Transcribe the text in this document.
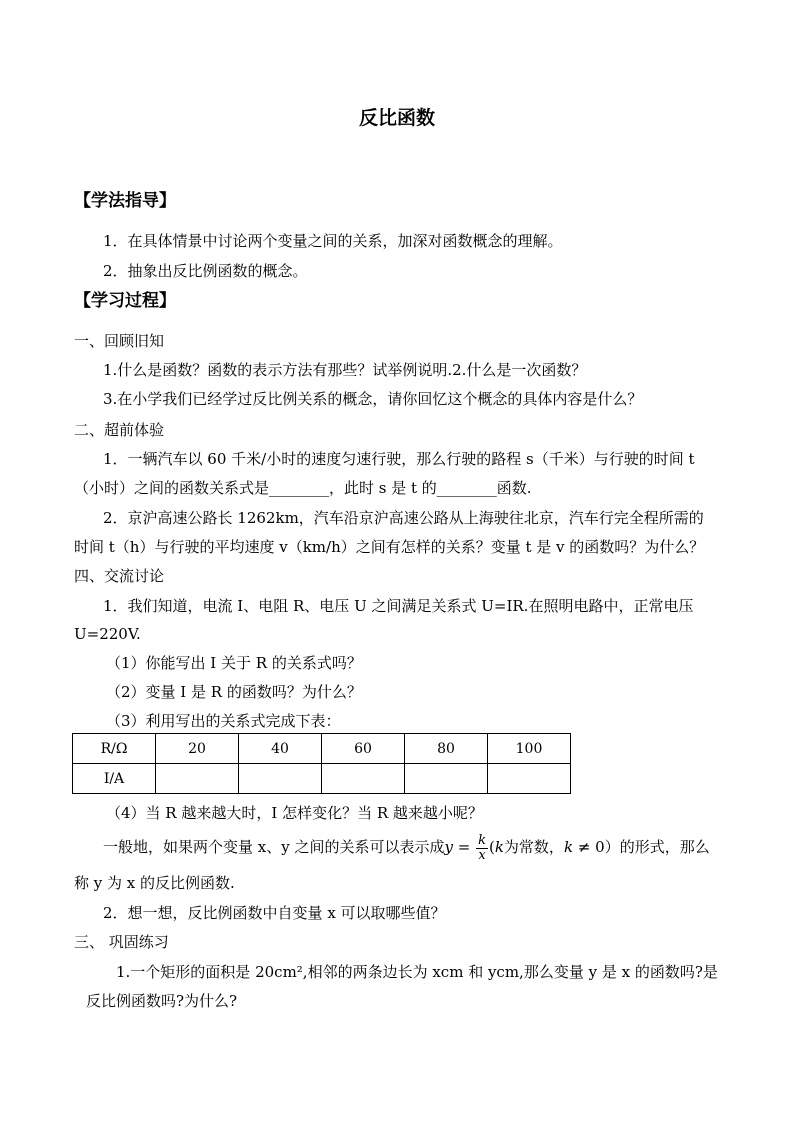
反比函数
【学法指导】
1．在具体情景中讨论两个变量之间的关系，加深对函数概念的理解。
2．抽象出反比例函数的概念。
【学习过程】
一、回顾旧知
1.什么是函数？函数的表示方法有那些？试举例说明.2.什么是一次函数？
3.在小学我们已经学过反比例关系的概念，请你回忆这个概念的具体内容是什么？
二、超前体验
1．一辆汽车以 60 千米/小时的速度匀速行驶，那么行驶的路程 s（千米）与行驶的时间 t
（小时）之间的函数关系式是________，此时 s 是 t 的________函数.
2．京沪高速公路长 1262km，汽车沿京沪高速公路从上海驶往北京，汽车行完全程所需的
时间 t（h）与行驶的平均速度 v（km/h）之间有怎样的关系？变量 t 是 v 的函数吗？为什么？
四、交流讨论
1．我们知道，电流 I、电阻 R、电压 U 之间满足关系式 U=IR.在照明电路中，正常电压
U=220V.
（1）你能写出 I 关于 R 的关系式吗？
（2）变量 I 是 R 的函数吗？为什么？
（3）利用写出的关系式完成下表：
R/Ω	20	40	60	80	100
I/A					
（4）当 R 越来越大时，I 怎样变化？当 R 越来越小呢？
一般地，如果两个变量 x、y 之间的关系可以表示成$y = \frac{k}{x} (k$为常数，k ≠ 0）的形式，那么
称 y 为 x 的反比例函数.
2．想一想，反比例函数中自变量 x 可以取哪些值？
三、 巩固练习
1.一个矩形的面积是 20cm²,相邻的两条边长为 xcm 和 ycm,那么变量 y 是 x 的函数吗?是
反比例函数吗?为什么?
